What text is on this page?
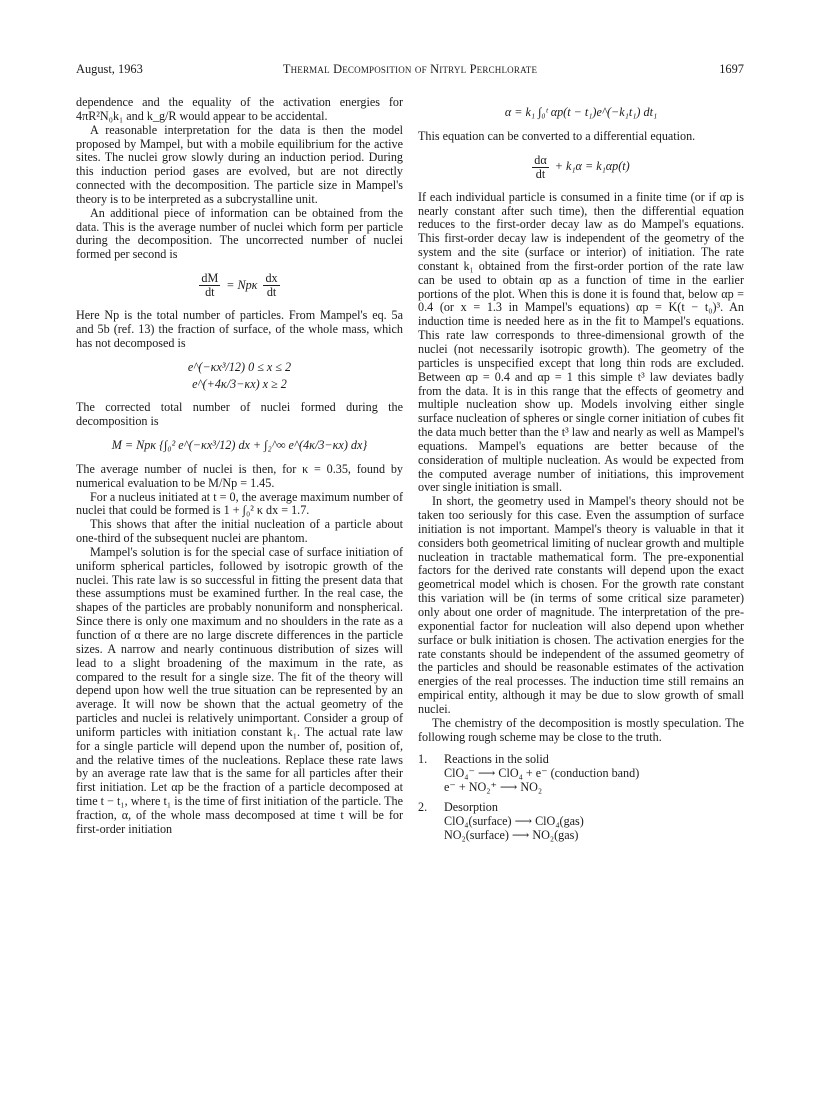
August, 1963	Thermal Decomposition of Nitryl Perchlorate	1697

dependence and the equality of the activation energies for 4πR²N₀k₁ and k_g/R would appear to be accidental.

A reasonable interpretation for the data is then the model proposed by Mampel, but with a mobile equilibrium for the active sites. The nuclei grow slowly during an induction period. During this induction period gases are evolved, but are not directly connected with the decomposition. The particle size in Mampel's theory is to be interpreted as a subcrystalline unit.

An additional piece of information can be obtained from the data. This is the average number of nuclei which form per particle during the decomposition. The uncorrected number of nuclei formed per second is

$\frac{dM}{dt} = Np\kappa \frac{dx}{dt}$

Here Np is the total number of particles. From Mampel's eq. 5a and 5b (ref. 13) the fraction of surface, of the whole mass, which has not decomposed is

e^(−κx³/12) 0 ≤ x ≤ 2
e^(+4κ/3−κx) x ≥ 2

The corrected total number of nuclei formed during the decomposition is

M = Npκ {∫₀² e^(−κx³/12) dx + ∫₂^∞ e^(4κ/3−κx) dx}

The average number of nuclei is then, for κ = 0.35, found by numerical evaluation to be M/Np = 1.45.

For a nucleus initiated at t = 0, the average maximum number of nuclei that could be formed is 1 + ∫₀² κ dx = 1.7.

This shows that after the initial nucleation of a particle about one-third of the subsequent nuclei are phantom.

Mampel's solution is for the special case of surface initiation of uniform spherical particles, followed by isotropic growth of the nuclei. This rate law is so successful in fitting the present data that these assumptions must be examined further. In the real case, the shapes of the particles are probably nonuniform and nonspherical. Since there is only one maximum and no shoulders in the rate as a function of α there are no large discrete differences in the particle sizes. A narrow and nearly continuous distribution of sizes will lead to a slight broadening of the maximum in the rate, as compared to the result for a single size. The fit of the theory will depend upon how well the true situation can be represented by an average. It will now be shown that the actual geometry of the particles and nuclei is relatively unimportant. Consider a group of uniform particles with initiation constant k₁. The actual rate law for a single particle will depend upon the number of, position of, and the relative times of the nucleations. Replace these rate laws by an average rate law that is the same for all particles after their first initiation. Let αp be the fraction of a particle decomposed at time t − t₁, where t₁ is the time of first initiation of the particle. The fraction, α, of the whole mass decomposed at time t will be for first-order initiation

α = k₁ ∫₀ᵗ αp(t − t₁)e^(−k₁t₁) dt₁

This equation can be converted to a differential equation.

$\frac{d\alpha}{dt} + k_1\alpha = k_1\alpha p(t)$

If each individual particle is consumed in a finite time (or if αp is nearly constant after such time), then the differential equation reduces to the first-order decay law as do Mampel's equations. This first-order decay law is independent of the geometry of the system and the site (surface or interior) of initiation. The rate constant k₁ obtained from the first-order portion of the rate law can be used to obtain αp as a function of time in the earlier portions of the plot. When this is done it is found that, below αp = 0.4 (or x = 1.3 in Mampel's equations) αp = K(t − t₀)³. An induction time is needed here as in the fit to Mampel's equations. This rate law corresponds to three-dimensional growth of the nuclei (not necessarily isotropic growth). The geometry of the particles is unspecified except that long thin rods are excluded. Between αp = 0.4 and αp = 1 this simple t³ law deviates badly from the data. It is in this range that the effects of geometry and multiple nucleation show up. Models involving either single surface nucleation of spheres or single corner initiation of cubes fit the data much better than the t³ law and nearly as well as Mampel's equations. Mampel's equations are better because of the consideration of multiple nucleation. As would be expected from the computed average number of initiations, this improvement over single initiation is small.

In short, the geometry used in Mampel's theory should not be taken too seriously for this case. Even the assumption of surface initiation is not important. Mampel's theory is valuable in that it considers both geometrical limiting of nuclear growth and multiple nucleation in tractable mathematical form. The pre-exponential factors for the derived rate constants will depend upon the exact geometrical model which is chosen. For the growth rate constant this variation will be (in terms of some critical size parameter) only about one order of magnitude. The interpretation of the pre-exponential factor for nucleation will also depend upon whether surface or bulk initiation is chosen. The activation energies for the rate constants should be independent of the assumed geometry of the particles and should be reasonable estimates of the activation energies of the real processes. The induction time still remains an empirical entity, although it may be due to slow growth of small nuclei.

The chemistry of the decomposition is mostly speculation. The following rough scheme may be close to the truth.

1.	Reactions in the solid
ClO₄⁻ ⟶ ClO₄ + e⁻ (conduction band)
e⁻ + NO₂⁺ ⟶ NO₂
2.	Desorption
ClO₄(surface) ⟶ ClO₄(gas)
NO₂(surface) ⟶ NO₂(gas)
